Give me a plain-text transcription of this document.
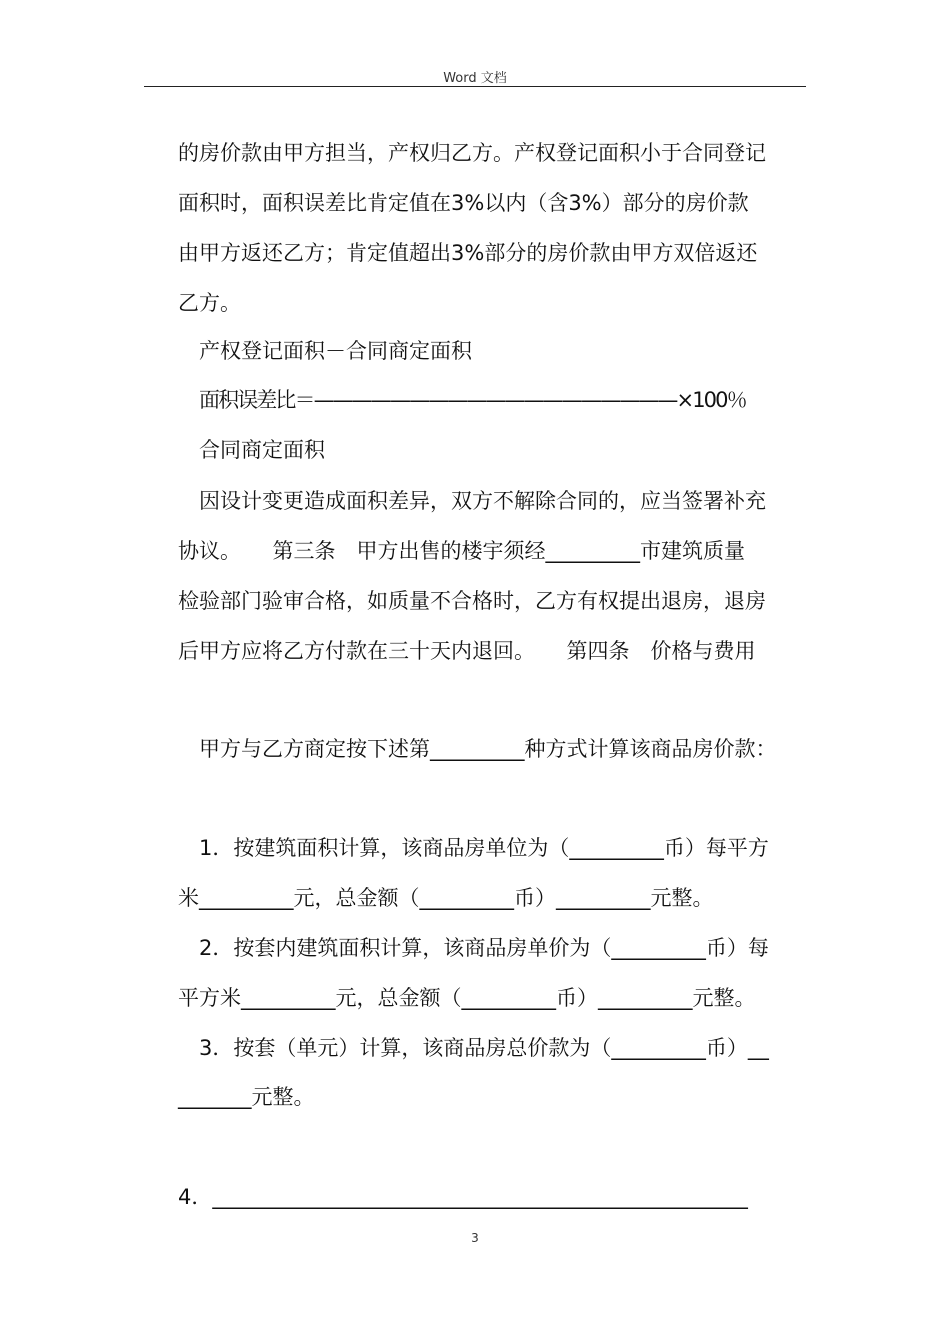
Word 文档
的房价款由甲方担当，产权归乙方。产权登记面积小于合同登记
面积时，面积误差比肯定值在3%以内（含3%）部分的房价款
由甲方返还乙方；肯定值超出3%部分的房价款由甲方双倍返还
乙方。
产权登记面积－合同商定面积
面积误差比＝———————————————————×100％
合同商定面积
因设计变更造成面积差异，双方不解除合同的，应当签署补充
协议。　　第三条　甲方出售的楼宇须经_________市建筑质量
检验部门验审合格，如质量不合格时，乙方有权提出退房，退房
后甲方应将乙方付款在三十天内退回。　　第四条　价格与费用
甲方与乙方商定按下述第_________种方式计算该商品房价款：
1．按建筑面积计算，该商品房单位为（_________币）每平方
米_________元，总金额（_________币）_________元整。
2．按套内建筑面积计算，该商品房单价为（_________币）每
平方米_________元，总金额（_________币）_________元整。
3．按套（单元）计算，该商品房总价款为（_________币）__
_______元整。
4．___________________________________________________
3
